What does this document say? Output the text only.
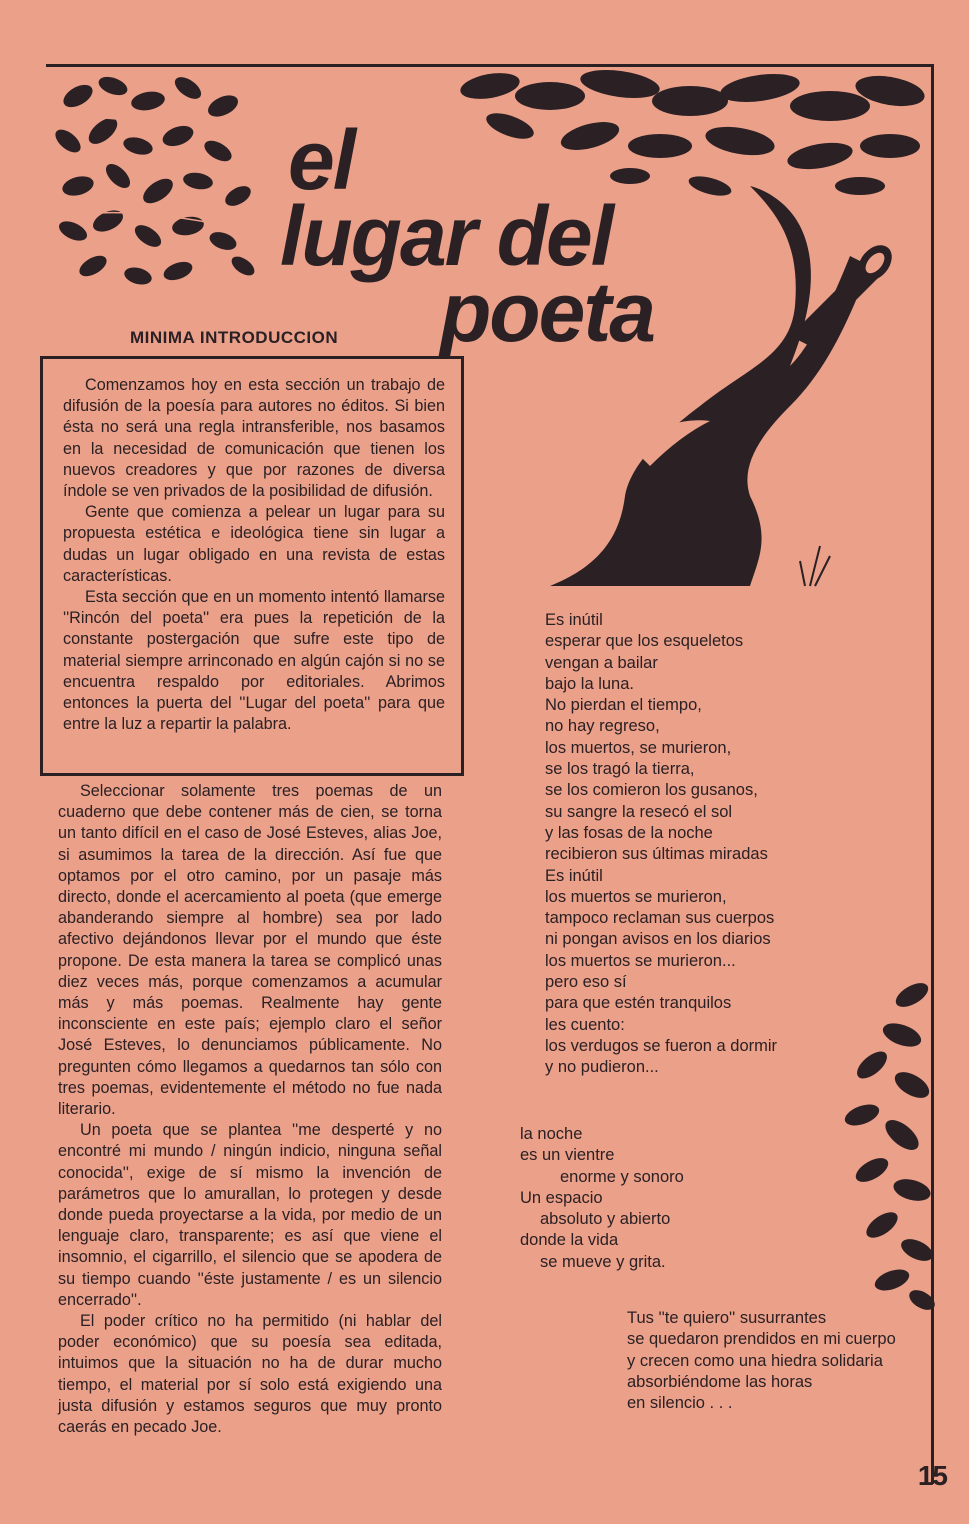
el
lugar del
poeta
MINIMA INTRODUCCION

Comenzamos hoy en esta sección un trabajo de difusión de la poesía para autores no éditos. Si bien ésta no será una regla intransferible, nos basamos en la necesidad de comunicación que tienen los nuevos creadores y que por razones de diversa índole se ven privados de la posibilidad de difusión.

Gente que comienza a pelear un lugar para su propuesta estética e ideológica tiene sin lugar a dudas un lugar obligado en una revista de estas características.

Esta sección que en un momento intentó llamarse ''Rincón del poeta'' era pues la repetición de la constante postergación que sufre este tipo de material siempre arrinconado en algún cajón si no se encuentra respaldo por editoriales. Abrimos entonces la puerta del ''Lugar del poeta'' para que entre la luz a repartir la palabra.

Seleccionar solamente tres poemas de un cuaderno que debe contener más de cien, se torna un tanto difícil en el caso de José Esteves, alias Joe, si asumimos la tarea de la dirección. Así fue que optamos por el otro camino, por un pasaje más directo, donde el acercamiento al poeta (que emerge abanderando siempre al hombre) sea por lado afectivo dejándonos llevar por el mundo que éste propone. De esta manera la tarea se complicó unas diez veces más, porque comenzamos a acumular más y más poemas. Realmente hay gente inconsciente en este país; ejemplo claro el señor José Esteves, lo denunciamos públicamente. No pregunten cómo llegamos a quedarnos tan sólo con tres poemas, evidentemente el método no fue nada literario.

Un poeta que se plantea ''me desperté y no encontré mi mundo / ningún indicio, ninguna señal conocida'', exige de sí mismo la invención de parámetros que lo amurallan, lo protegen y desde donde pueda proyectarse a la vida, por medio de un lenguaje claro, transparente; es así que viene el insomnio, el cigarrillo, el silencio que se apodera de su tiempo cuando ''éste justamente / es un silencio encerrado''.

El poder crítico no ha permitido (ni hablar del poder económico) que su poesía sea editada, intuimos que la situación no ha de durar mucho tiempo, el material por sí solo está exigiendo una justa difusión y estamos seguros que muy pronto caerás en pecado Joe.

Es inútil
esperar que los esqueletos
vengan a bailar
bajo la luna.
No pierdan el tiempo,
no hay regreso,
los muertos, se murieron,
se los tragó la tierra,
se los comieron los gusanos,
su sangre la resecó el sol
y las fosas de la noche
recibieron sus últimas miradas
Es inútil
los muertos se murieron,
tampoco reclaman sus cuerpos
ni pongan avisos en los diarios
los muertos se murieron...
pero eso sí
para que estén tranquilos
les cuento:
los verdugos se fueron a dormir
y no pudieron...
la noche
es un vientre
enorme y sonoro
Un espacio
absoluto y abierto
donde la vida
se mueve y grita.
Tus ''te quiero'' susurrantes
se quedaron prendidos en mi cuerpo
y crecen como una hiedra solidaria
absorbiéndome las horas
en silencio . . .
15
